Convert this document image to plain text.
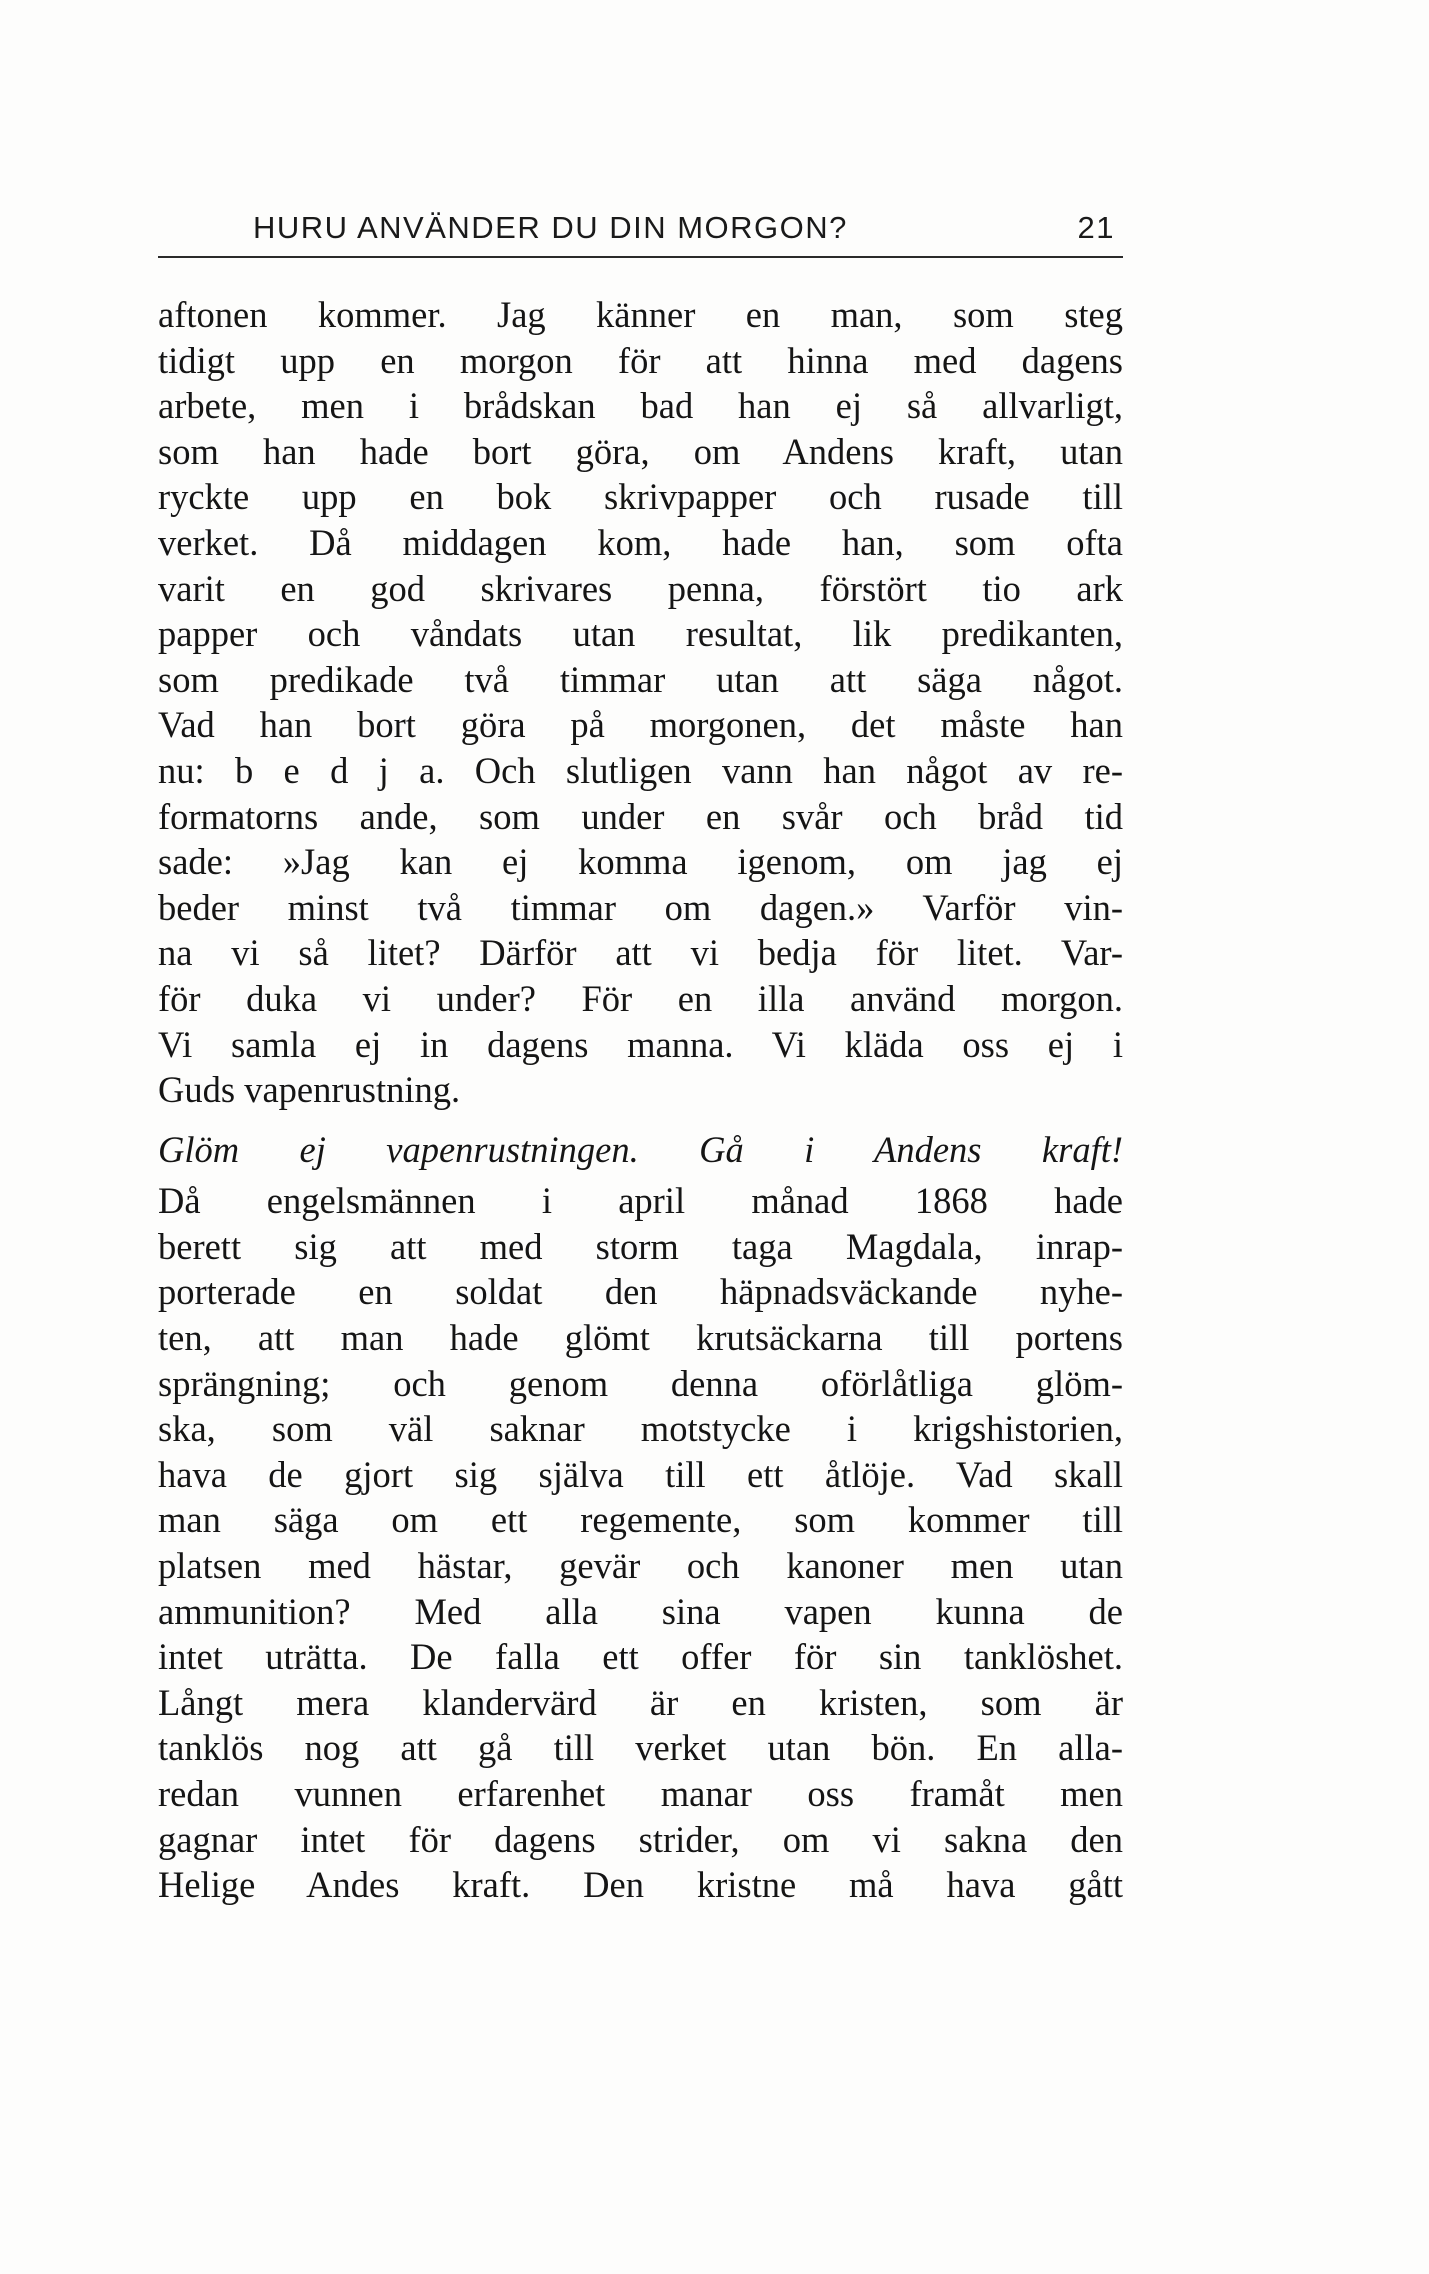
HURU ANVÄNDER DU DIN MORGON?	21
aftonen kommer. Jag känner en man, som steg
tidigt upp en morgon för att hinna med dagens
arbete, men i brådskan bad han ej så allvarligt,
som han hade bort göra, om Andens kraft, utan
ryckte upp en bok skrivpapper och rusade till
verket. Då middagen kom, hade han, som ofta
varit en god skrivares penna, förstört tio ark
papper och våndats utan resultat, lik predikanten,
som predikade två timmar utan att säga något.
Vad han bort göra på morgonen, det måste han
nu: b e d j a. Och slutligen vann han något av re-
formatorns ande, som under en svår och bråd tid
sade: »Jag kan ej komma igenom, om jag ej
beder minst två timmar om dagen.» Varför vin-
na vi så litet? Därför att vi bedja för litet. Var-
för duka vi under? För en illa använd morgon.
Vi samla ej in dagens manna. Vi kläda oss ej i
Guds vapenrustning.
Glöm ej vapenrustningen. Gå i Andens kraft!
Då engelsmännen i april månad 1868 hade
berett sig att med storm taga Magdala, inrap-
porterade en soldat den häpnadsväckande nyhe-
ten, att man hade glömt krutsäckarna till portens
sprängning; och genom denna oförlåtliga glöm-
ska, som väl saknar motstycke i krigshistorien,
hava de gjort sig själva till ett åtlöje. Vad skall
man säga om ett regemente, som kommer till
platsen med hästar, gevär och kanoner men utan
ammunition? Med alla sina vapen kunna de
intet uträtta. De falla ett offer för sin tanklöshet.
Långt mera klandervärd är en kristen, som är
tanklös nog att gå till verket utan bön. En alla-
redan vunnen erfarenhet manar oss framåt men
gagnar intet för dagens strider, om vi sakna den
Helige Andes kraft. Den kristne må hava gått
